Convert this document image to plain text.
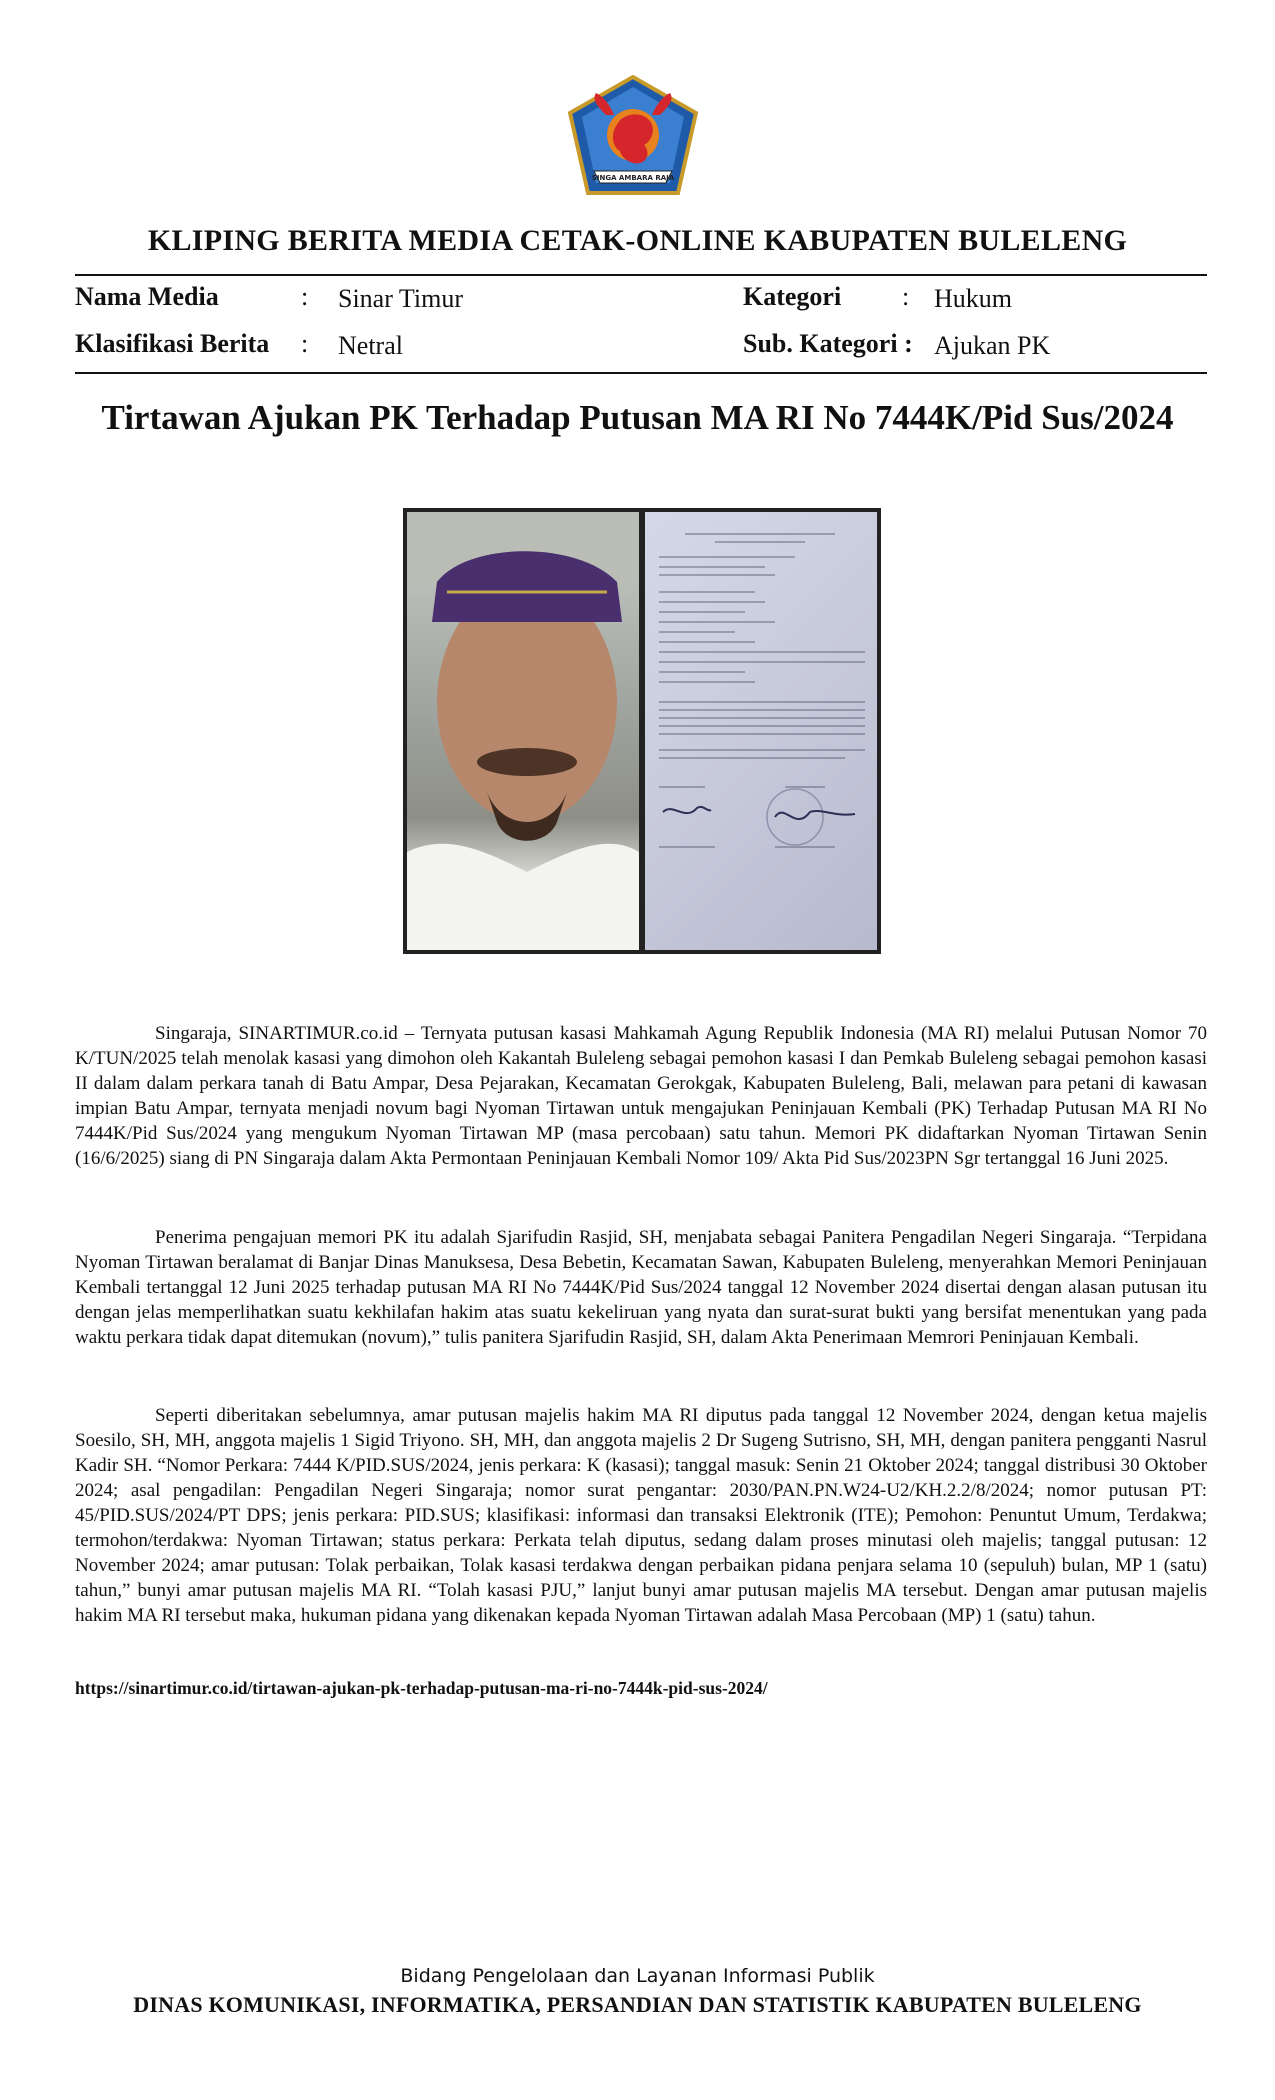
SINGA AMBARA RAJA
KLIPING BERITA MEDIA CETAK-ONLINE KABUPATEN BULELENG
Nama Media	: Sinar Timur	Kategori : Hukum
Klasifikasi Berita : Netral	Sub. Kategori : Ajukan PK
Tirtawan Ajukan PK Terhadap Putusan MA RI No 7444K/Pid Sus/2024

Singaraja, SINARTIMUR.co.id – Ternyata putusan kasasi Mahkamah Agung Republik Indonesia (MA RI) melalui Putusan Nomor 70 K/TUN/2025 telah menolak kasasi yang dimohon oleh Kakantah Buleleng sebagai pemohon kasasi I dan Pemkab Buleleng sebagai pemohon kasasi II dalam dalam perkara tanah di Batu Ampar, Desa Pejarakan, Kecamatan Gerokgak, Kabupaten Buleleng, Bali, melawan para petani di kawasan impian Batu Ampar, ternyata menjadi novum bagi Nyoman Tirtawan untuk mengajukan Peninjauan Kembali (PK) Terhadap Putusan MA RI No 7444K/Pid Sus/2024 yang mengukum Nyoman Tirtawan MP (masa percobaan) satu tahun. Memori PK didaftarkan Nyoman Tirtawan Senin (16/6/2025) siang di PN Singaraja dalam Akta Permontaan Peninjauan Kembali Nomor 109/ Akta Pid Sus/2023PN Sgr tertanggal 16 Juni 2025.

Penerima pengajuan memori PK itu adalah Sjarifudin Rasjid, SH, menjabata sebagai Panitera Pengadilan Negeri Singaraja. “Terpidana Nyoman Tirtawan beralamat di Banjar Dinas Manuksesa, Desa Bebetin, Kecamatan Sawan, Kabupaten Buleleng, menyerahkan Memori Peninjauan Kembali tertanggal 12 Juni 2025 terhadap putusan MA RI No 7444K/Pid Sus/2024 tanggal 12 November 2024 disertai dengan alasan putusan itu dengan jelas memperlihatkan suatu kekhilafan hakim atas suatu kekeliruan yang nyata dan surat-surat bukti yang bersifat menentukan yang pada waktu perkara tidak dapat ditemukan (novum),” tulis panitera Sjarifudin Rasjid, SH, dalam Akta Penerimaan Memrori Peninjauan Kembali.

Seperti diberitakan sebelumnya, amar putusan majelis hakim MA RI diputus pada tanggal 12 November 2024, dengan ketua majelis Soesilo, SH, MH, anggota majelis 1 Sigid Triyono. SH, MH, dan anggota majelis 2 Dr Sugeng Sutrisno, SH, MH, dengan panitera pengganti Nasrul Kadir SH. “Nomor Perkara: 7444 K/PID.SUS/2024, jenis perkara: K (kasasi); tanggal masuk: Senin 21 Oktober 2024; tanggal distribusi 30 Oktober 2024; asal pengadilan: Pengadilan Negeri Singaraja; nomor surat pengantar: 2030/PAN.PN.W24-U2/KH.2.2/8/2024; nomor putusan PT: 45/PID.SUS/2024/PT DPS; jenis perkara: PID.SUS; klasifikasi: informasi dan transaksi Elektronik (ITE); Pemohon: Penuntut Umum, Terdakwa; termohon/terdakwa: Nyoman Tirtawan; status perkara: Perkata telah diputus, sedang dalam proses minutasi oleh majelis; tanggal putusan: 12 November 2024; amar putusan: Tolak perbaikan, Tolak kasasi terdakwa dengan perbaikan pidana penjara selama 10 (sepuluh) bulan, MP 1 (satu) tahun,” bunyi amar putusan majelis MA RI. “Tolah kasasi PJU,” lanjut bunyi amar putusan majelis MA tersebut. Dengan amar putusan majelis hakim MA RI tersebut maka, hukuman pidana yang dikenakan kepada Nyoman Tirtawan adalah Masa Percobaan (MP) 1 (satu) tahun.

https://sinartimur.co.id/tirtawan-ajukan-pk-terhadap-putusan-ma-ri-no-7444k-pid-sus-2024/
Bidang Pengelolaan dan Layanan Informasi Publik
DINAS KOMUNIKASI, INFORMATIKA, PERSANDIAN DAN STATISTIK KABUPATEN BULELENG
